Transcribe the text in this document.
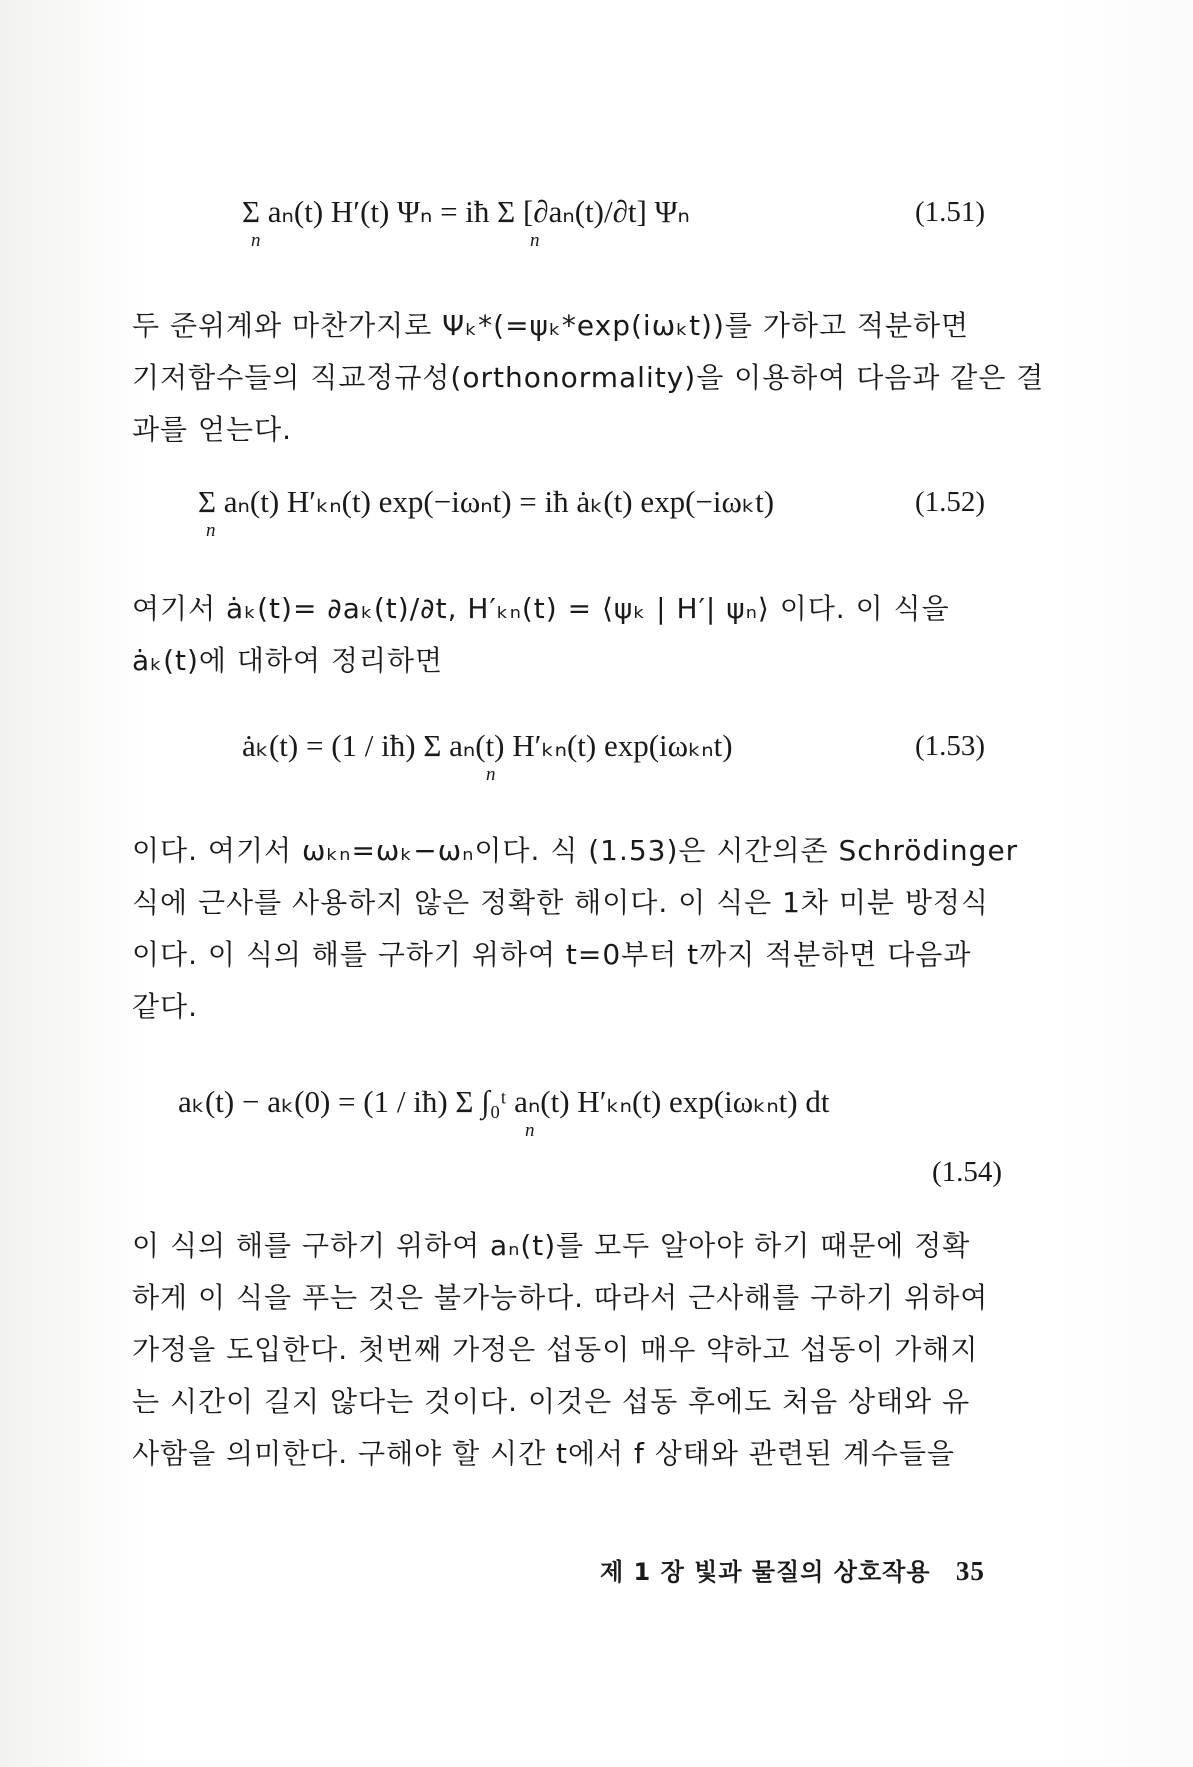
Σ aₙ(t) H′(t) Ψₙ = iħ Σ [∂aₙ(t)/∂t] Ψₙ
n	n
(1.51)
두 준위계와 마찬가지로 Ψₖ*(=ψₖ*exp(iωₖt))를 가하고 적분하면
기저함수들의 직교정규성(orthonormality)을 이용하여 다음과 같은 결
과를 얻는다.
Σ aₙ(t) H′ₖₙ(t) exp(−iωₙt) = iħ ȧₖ(t) exp(−iωₖt)
n
(1.52)
여기서 ȧₖ(t)= ∂aₖ(t)/∂t, H′ₖₙ(t) = ⟨ψₖ | H′| ψₙ⟩ 이다. 이 식을
ȧₖ(t)에 대하여 정리하면
ȧₖ(t) = (1 / iħ) Σ aₙ(t) H′ₖₙ(t) exp(iωₖₙt)
n
(1.53)
이다. 여기서 ωₖₙ=ωₖ−ωₙ이다. 식 (1.53)은 시간의존 Schrödinger
식에 근사를 사용하지 않은 정확한 해이다. 이 식은 1차 미분 방정식
이다. 이 식의 해를 구하기 위하여 t=0부터 t까지 적분하면 다음과
같다.
aₖ(t) − aₖ(0) = (1 / iħ) Σ ∫₀ᵗ aₙ(t) H′ₖₙ(t) exp(iωₖₙt) dt
n
(1.54)
이 식의 해를 구하기 위하여 aₙ(t)를 모두 알아야 하기 때문에 정확
하게 이 식을 푸는 것은 불가능하다. 따라서 근사해를 구하기 위하여
가정을 도입한다. 첫번째 가정은 섭동이 매우 약하고 섭동이 가해지
는 시간이 길지 않다는 것이다. 이것은 섭동 후에도 처음 상태와 유
사함을 의미한다. 구해야 할 시간 t에서 f 상태와 관련된 계수들을
제 1 장 빛과 물질의 상호작용 35
